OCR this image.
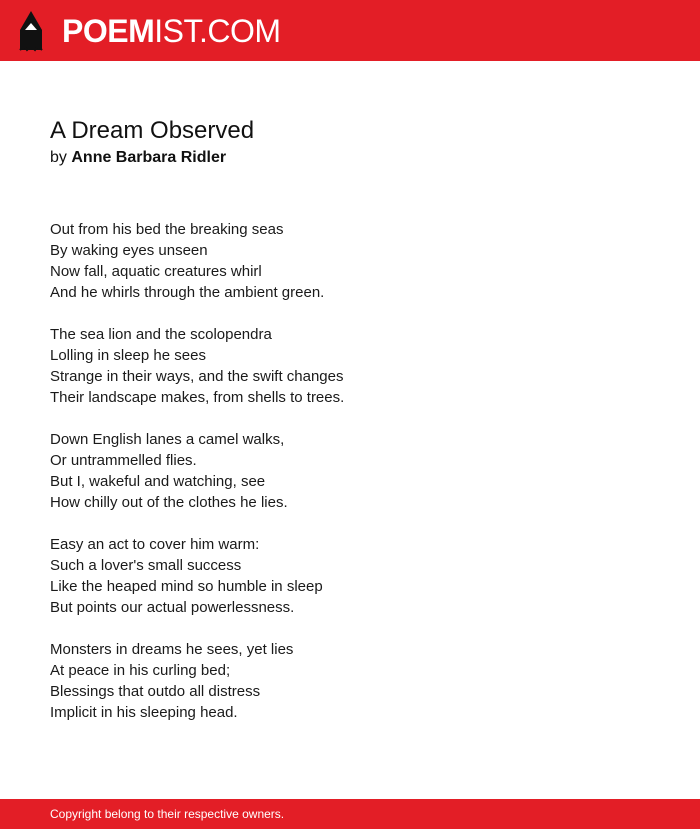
POEMIST.COM
A Dream Observed
by Anne Barbara Ridler
Out from his bed the breaking seas
By waking eyes unseen
Now fall, aquatic creatures whirl
And he whirls through the ambient green.
The sea lion and the scolopendra
Lolling in sleep he sees
Strange in their ways, and the swift changes
Their landscape makes, from shells to trees.
Down English lanes a camel walks,
Or untrammelled flies.
But I, wakeful and watching, see
How chilly out of the clothes he lies.
Easy an act to cover him warm:
Such a lover's small success
Like the heaped mind so humble in sleep
But points our actual powerlessness.
Monsters in dreams he sees, yet lies
At peace in his curling bed;
Blessings that outdo all distress
Implicit in his sleeping head.
Copyright belong to their respective owners.
